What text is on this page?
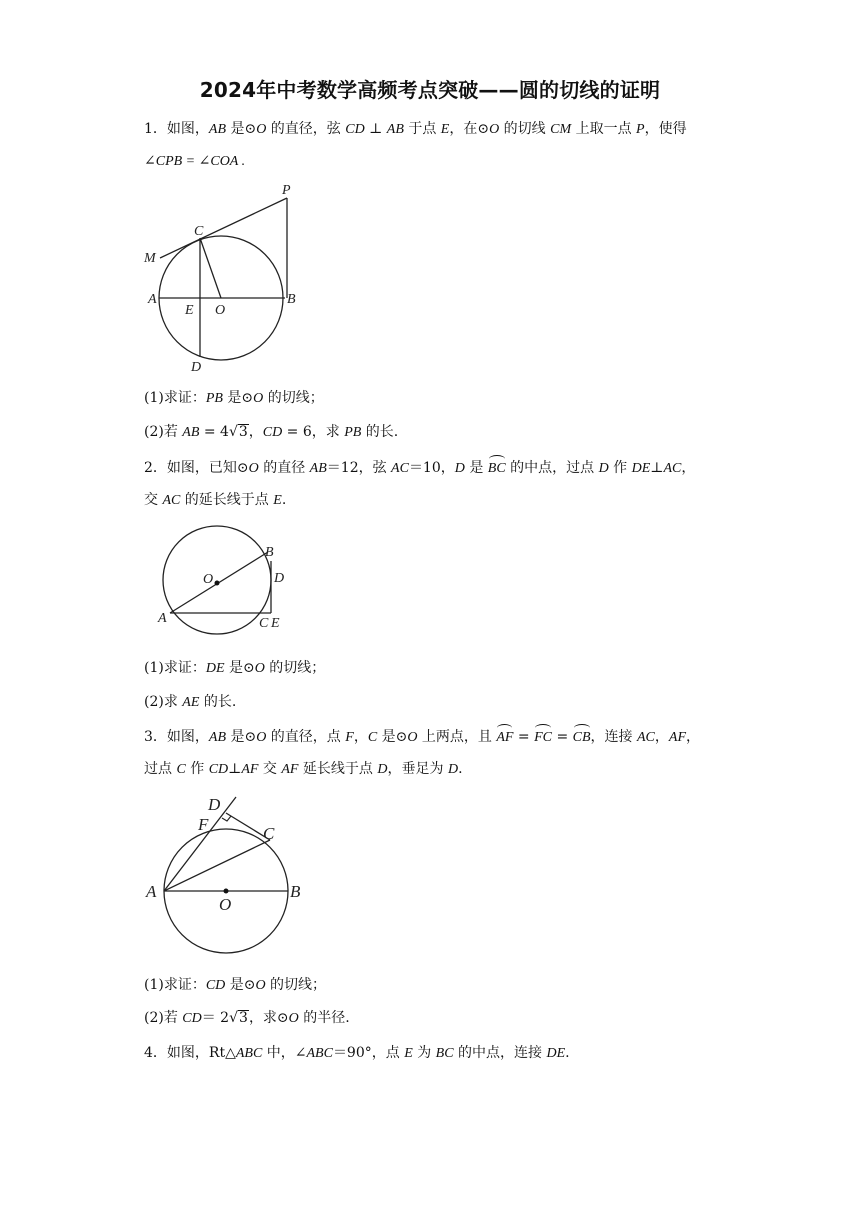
2024年中考数学高频考点突破——圆的切线的证明
1．如图，AB 是⊙O 的直径，弦 CD ⊥ AB 于点 E，在⊙O 的切线 CM 上取一点 P，使得
∠CPB = ∠COA .
P
C
M
A	B
E O
D
(1)求证：PB 是⊙O 的切线；
(2)若 AB = 4√3，CD = 6，求 PB 的长.
2．如图，已知⊙O 的直径 AB＝12，弦 AC＝10，D 是 BC 的中点，过点 D 作 DE⊥AC，
交 AC 的延长线于点 E.
B
O	D
A	C E
(1)求证：DE 是⊙O 的切线；
(2)求 AE 的长.
3．如图，AB 是⊙O 的直径，点 F，C 是⊙O 上两点，且 AF = FC = CB，连接 AC，AF，
过点 C 作 CD⊥AF 交 AF 延长线于点 D，垂足为 D.
D
F	C
A	B
O
(1)求证：CD 是⊙O 的切线；
(2)若 CD＝ 2√3，求⊙O 的半径.
4．如图，Rt△ABC 中，∠ABC＝90°，点 E 为 BC 的中点，连接 DE.
